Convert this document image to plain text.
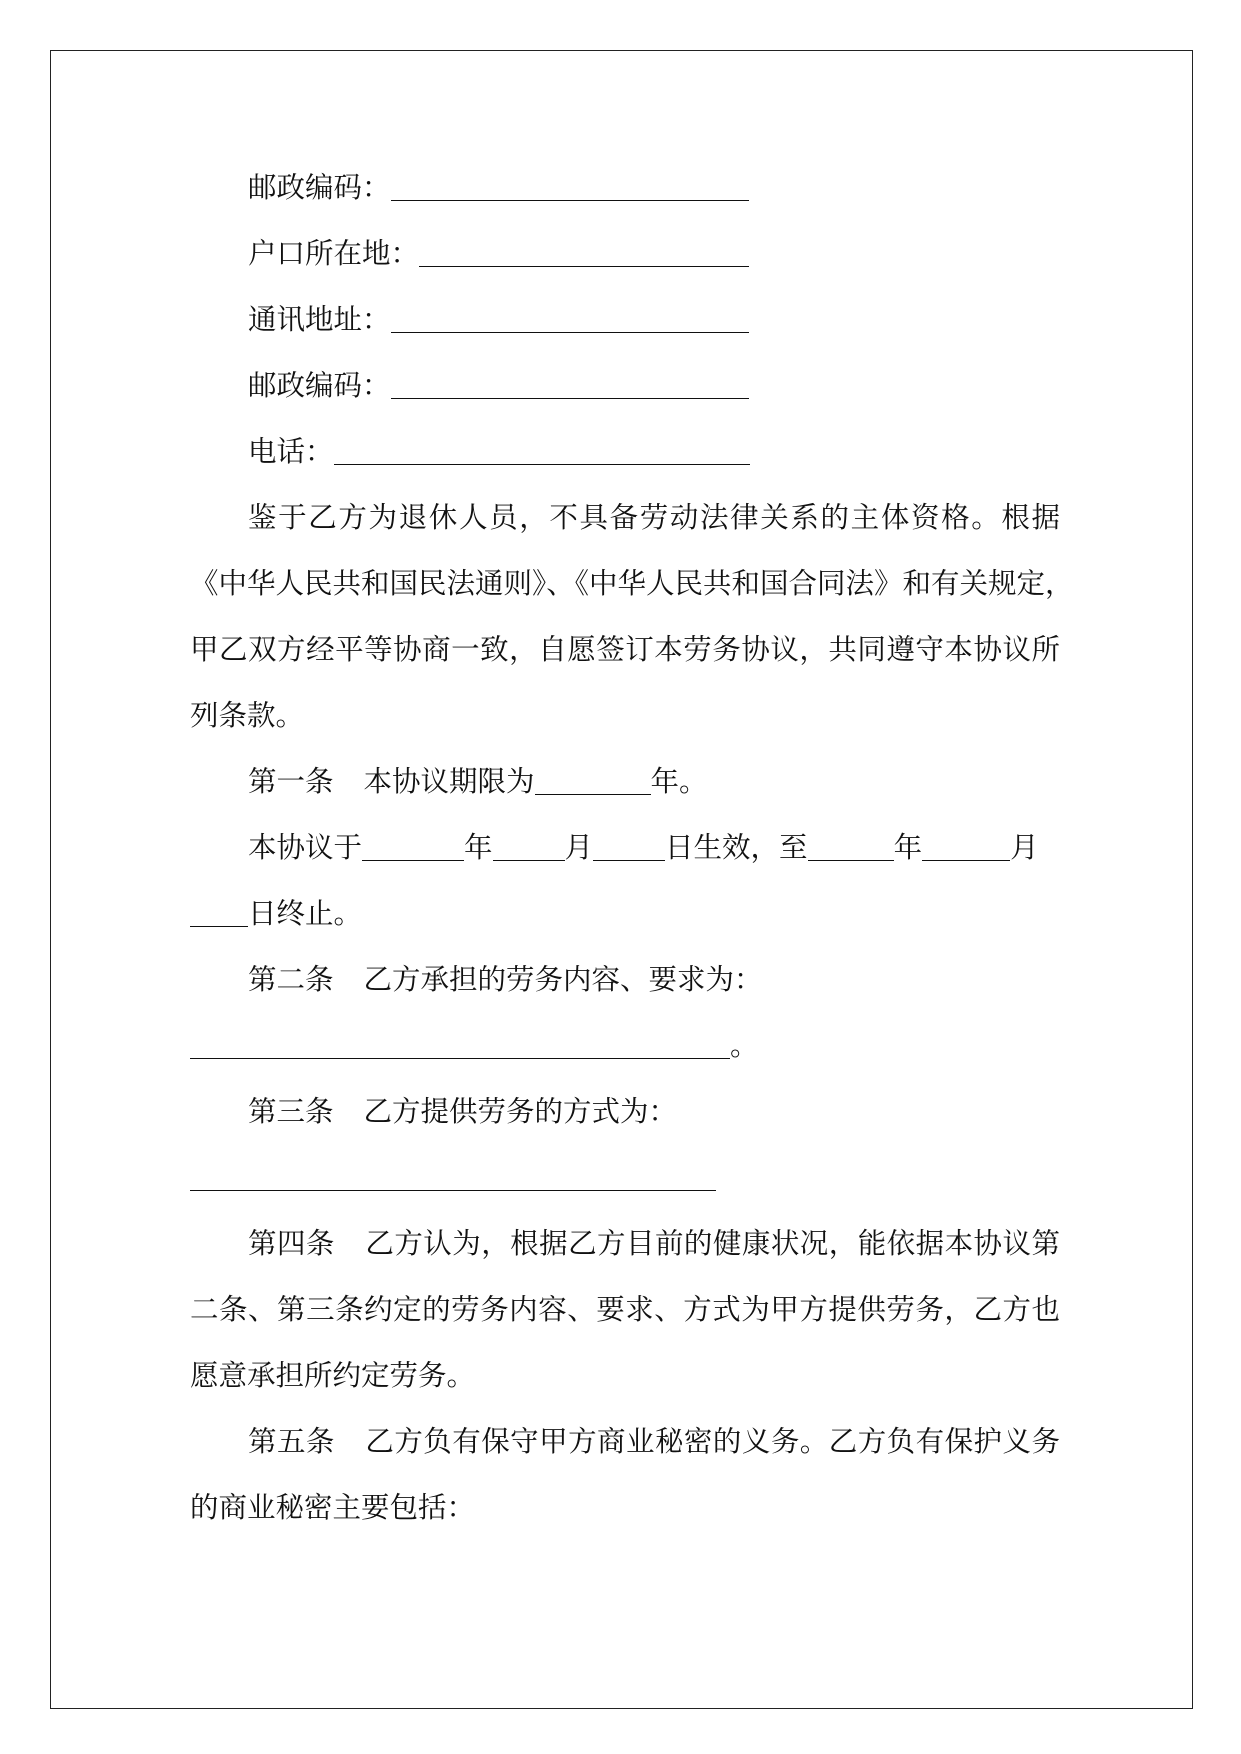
邮政编码：
户口所在地：
通讯地址：
邮政编码：
电话：
鉴于乙方为退休人员，不具备劳动法律关系的主体资格。根据
《中华人民共和国民法通则》、《中华人民共和国合同法》和有关规定，
甲乙双方经平等协商一致，自愿签订本劳务协议，共同遵守本协议所
列条款。
第一条 本协议期限为	年。
本协议于	年	月	日生效，至	年	月
日终止。
第二条 乙方承担的劳务内容、要求为：
。
第三条 乙方提供劳务的方式为：
第四条 乙方认为，根据乙方目前的健康状况，能依据本协议第
二条、第三条约定的劳务内容、要求、方式为甲方提供劳务，乙方也
愿意承担所约定劳务。
第五条 乙方负有保守甲方商业秘密的义务。乙方负有保护义务
的商业秘密主要包括：
